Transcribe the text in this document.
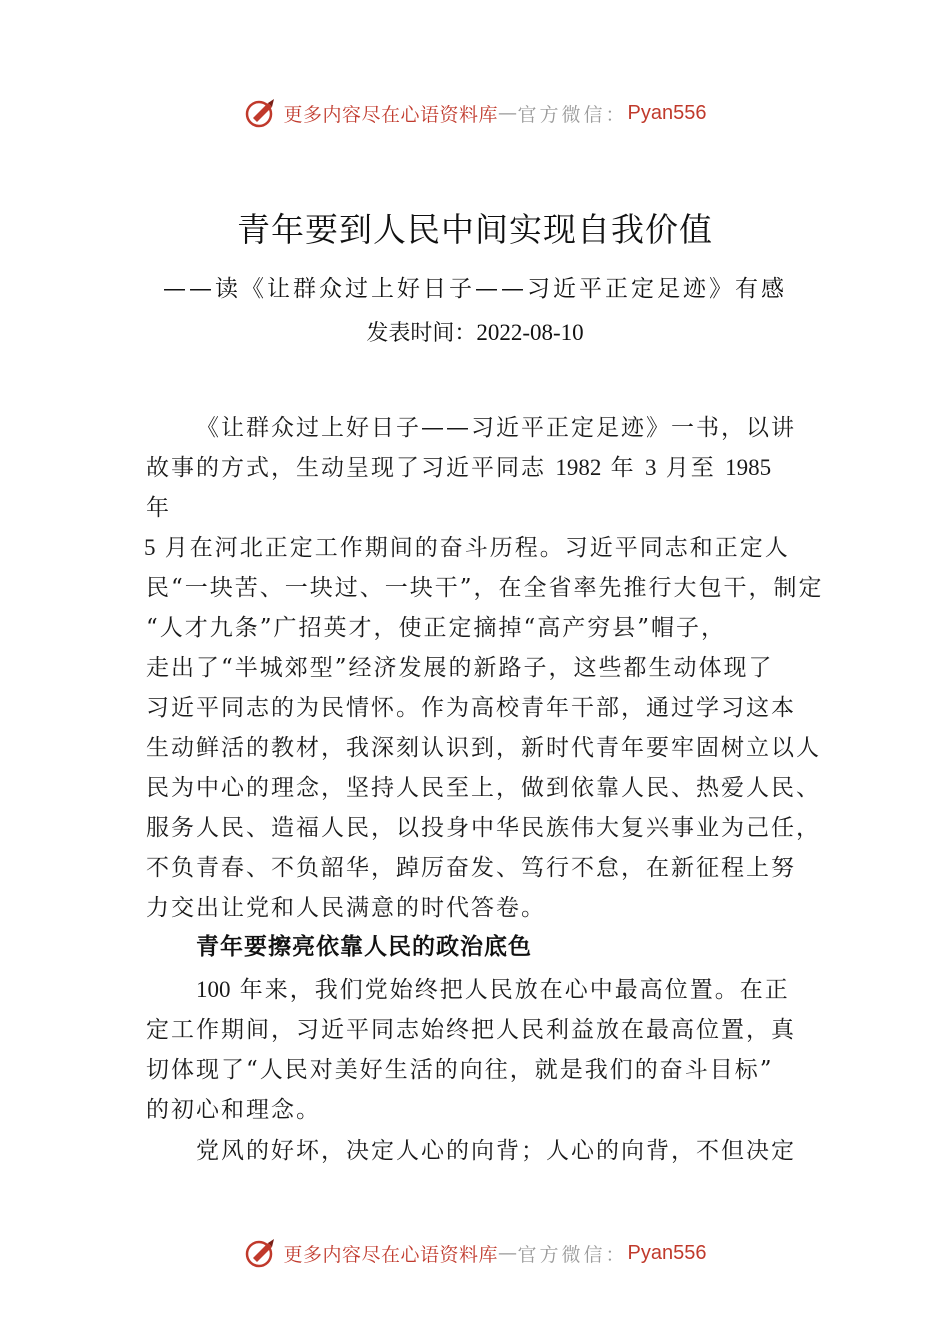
更多内容尽在心语资料库 — 官方微信： Pyan556
青年要到人民中间实现自我价值
——读《让群众过上好日子——习近平正定足迹》有感
发表时间：2022-08-10
《让群众过上好日子——习近平正定足迹》一书，以讲
故事的方式，生动呈现了习近平同志 1982 年 3 月至 1985
年
5 月在河北正定工作期间的奋斗历程。习近平同志和正定人
民“一块苦、一块过、一块干”，在全省率先推行大包干，制定
“人才九条”广招英才，使正定摘掉“高产穷县”帽子，
走出了“半城郊型”经济发展的新路子，这些都生动体现了
习近平同志的为民情怀。作为高校青年干部，通过学习这本
生动鲜活的教材，我深刻认识到，新时代青年要牢固树立以人
民为中心的理念，坚持人民至上，做到依靠人民、热爱人民、
服务人民、造福人民，以投身中华民族伟大复兴事业为己任，
不负青春、不负韶华，踔厉奋发、笃行不怠，在新征程上努
力交出让党和人民满意的时代答卷。
青年要擦亮依靠人民的政治底色
100 年来，我们党始终把人民放在心中最高位置。在正
定工作期间，习近平同志始终把人民利益放在最高位置，真
切体现了“人民对美好生活的向往，就是我们的奋斗目标”
的初心和理念。
党风的好坏，决定人心的向背；人心的向背，不但决定
更多内容尽在心语资料库 — 官方微信： Pyan556
